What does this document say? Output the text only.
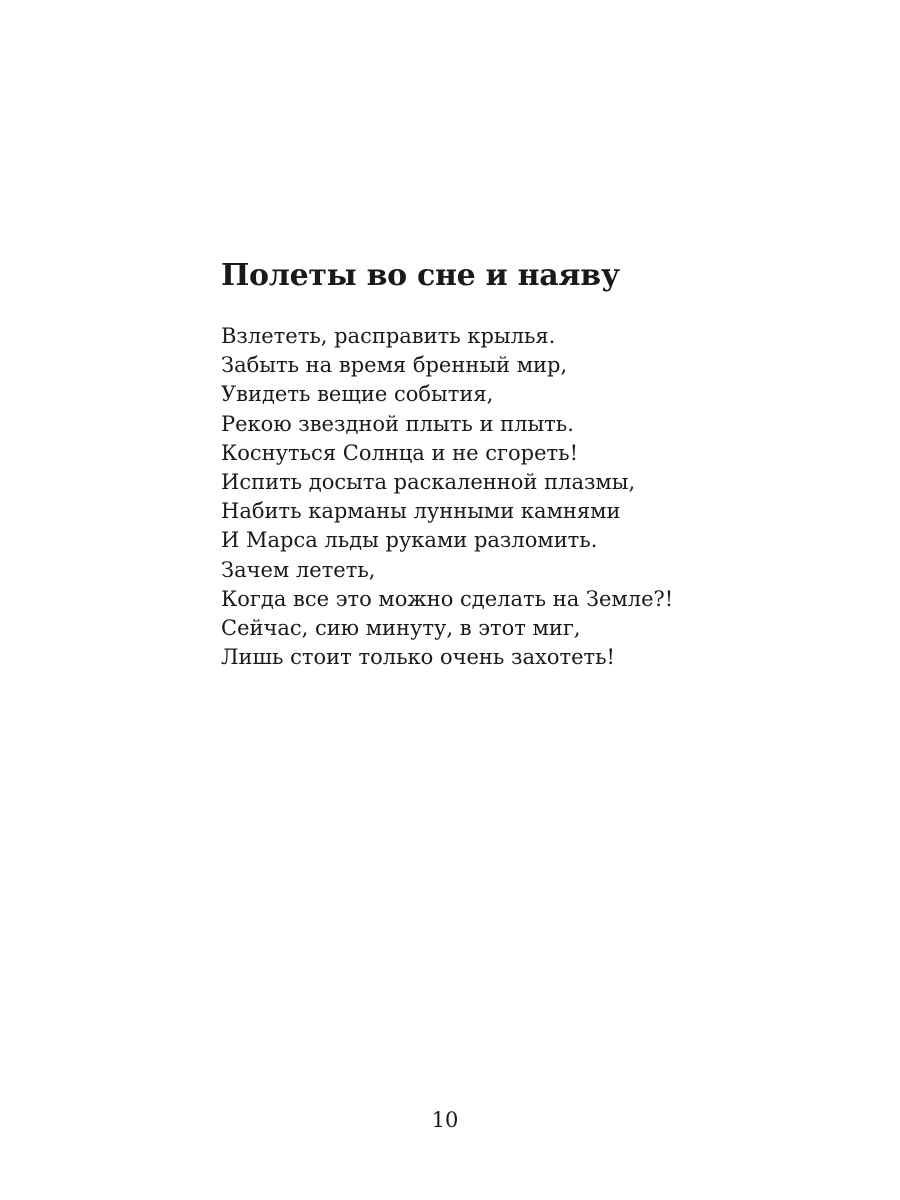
Полеты во сне и наяву
Взлететь, расправить крылья.
Забыть на время бренный мир,
Увидеть вещие события,
Рекою звездной плыть и плыть.
Коснуться Солнца и не сгореть!
Испить досыта раскаленной плазмы,
Набить карманы лунными камнями
И Марса льды руками разломить.
Зачем лететь,
Когда все это можно сделать на Земле?!
Сейчас, сию минуту, в этот миг,
Лишь стоит только очень захотеть!
10
